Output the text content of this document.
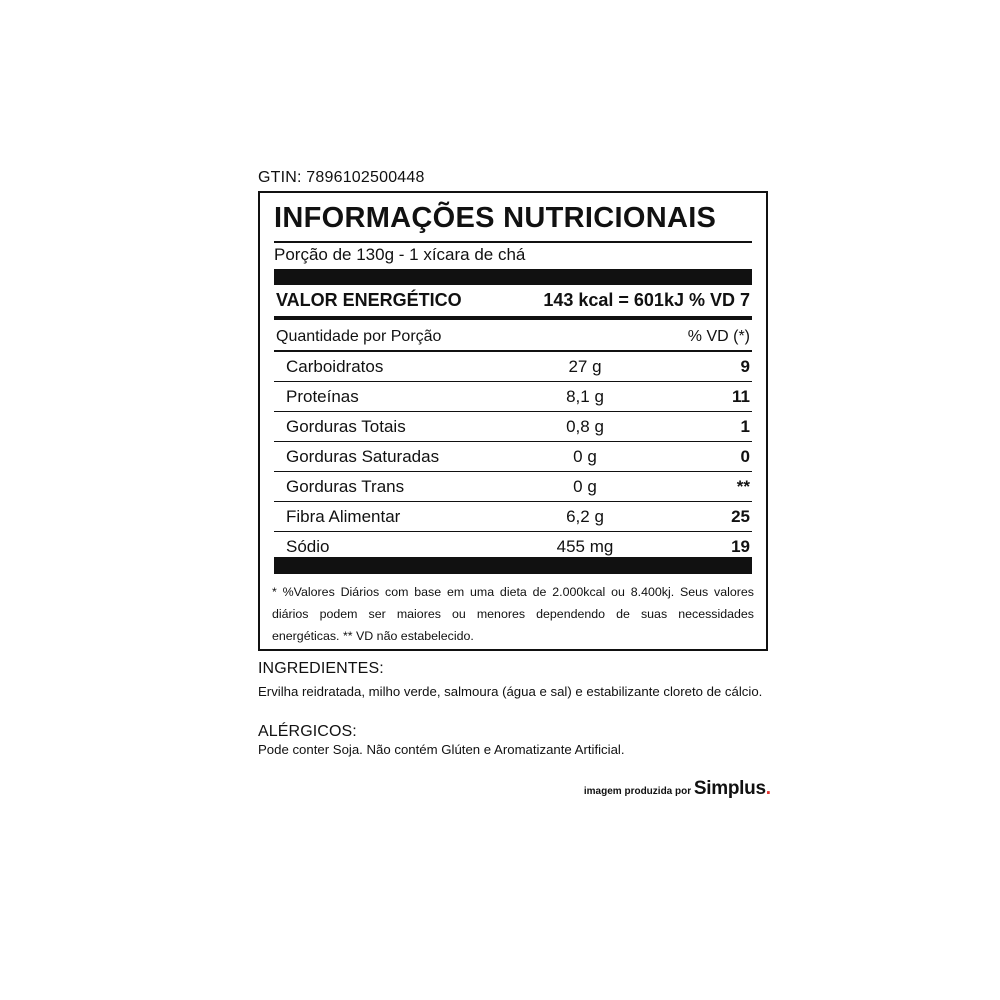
GTIN: 7896102500448
INFORMAÇÕES NUTRICIONAIS
Porção de 130g - 1 xícara de chá
VALOR ENERGÉTICO	143 kcal = 601kJ % VD 7
Quantidade por Porção	% VD (*)
Carboidratos	27 g	9
Proteínas	8,1 g	11
Gorduras Totais	0,8 g	1
Gorduras Saturadas	0 g	0
Gorduras Trans	0 g	**
Fibra Alimentar	6,2 g	25
Sódio	455 mg	19
* %Valores Diários com base em uma dieta de 2.000kcal ou 8.400kj. Seus valores diários podem ser maiores ou menores dependendo de suas necessidades energéticas. ** VD não estabelecido.
INGREDIENTES:
Ervilha reidratada, milho verde, salmoura (água e sal) e estabilizante cloreto de cálcio.
ALÉRGICOS:
Pode conter Soja. Não contém Glúten e Aromatizante Artificial.
imagem produzida por Simplus.
